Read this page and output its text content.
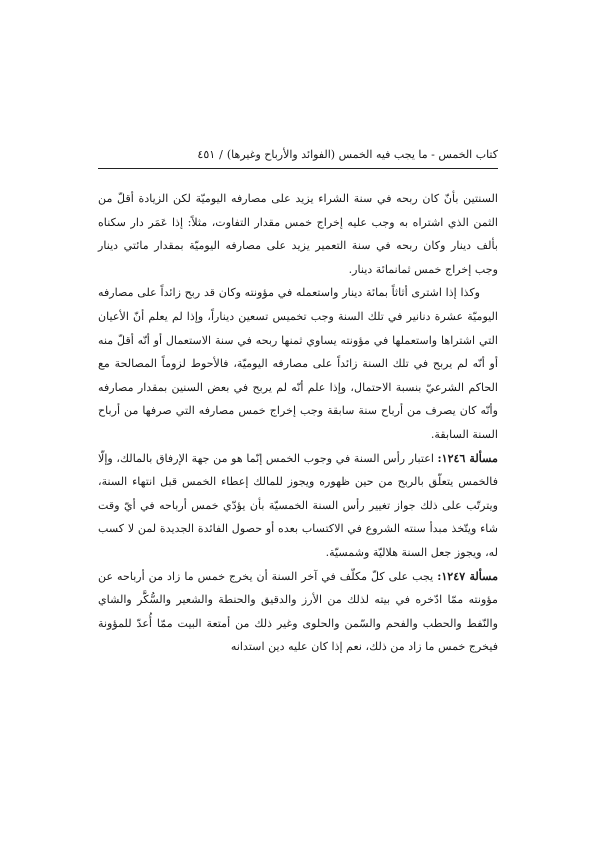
كتاب الخمس - ما يجب فيه الخمس (الفوائد والأرباح وغيرها)
/
٤٥١

السنتين بأنّ كان ربحه في سنة الشراء يزيد على مصارفه اليوميّة لكن الزيادة أقلّ من الثمن الذي اشتراه به وجب عليه إخراج خمس مقدار التفاوت، مثلاً: إذا عَمَر دار سكناه بألف دينار وكان ربحه في سنة التعمير يزيد على مصارفه اليوميّة بمقدار مائتي دينار وجب إخراج خمس ثمانمائة دينار.

وكذا إذا اشترى أثاثاً بمائة دينار واستعمله في مؤونته وكان قد ربح زائداً على مصارفه اليوميّة عشرة دنانير في تلك السنة وجب تخميس تسعين ديناراً، وإذا لم يعلم أنّ الأعيان التي اشتراها واستعملها في مؤونته يساوي ثمنها ربحه في سنة الاستعمال أو أنّه أقلّ منه أو أنّه لم يربح في تلك السنة زائداً على مصارفه اليوميّة، فالأحوط لزوماً المصالحة مع الحاكم الشرعيّ بنسبة الاحتمال، وإذا علم أنّه لم يربح في بعض السنين بمقدار مصارفه وأنّه كان يصرف من أرباح سنة سابقة وجب إخراج خمس مصارفه التي صرفها من أرباح السنة السابقة.

مسألة ١٢٤٦: اعتبار رأس السنة في وجوب الخمس إنّما هو من جهة الإرفاق بالمالك، وإلّا فالخمس يتعلّق بالربح من حين ظهوره ويجوز للمالك إعطاء الخمس قبل انتهاء السنة، ويترتّب على ذلك جواز تغيير رأس السنة الخمسيّة بأن يؤدّي خمس أرباحه في أيّ وقت شاء ويتّخذ مبدأ سنته الشروع في الاكتساب بعده أو حصول الفائدة الجديدة لمن لا كسب له، ويجوز جعل السنة هلاليّة وشمسيّة.

مسألة ١٢٤٧: يجب على كلّ مكلّف في آخر السنة أن يخرج خمس ما زاد من أرباحه عن مؤونته ممّا ادّخره في بيته لذلك من الأرز والدقيق والحنطة والشعير والسُّكَّر والشاي والنّفط والحطب والفحم والسّمن والحلوى وغير ذلك من أمتعة البيت ممّا أُعدّ للمؤونة فيخرج خمس ما زاد من ذلك، نعم إذا كان عليه دين استدانه
